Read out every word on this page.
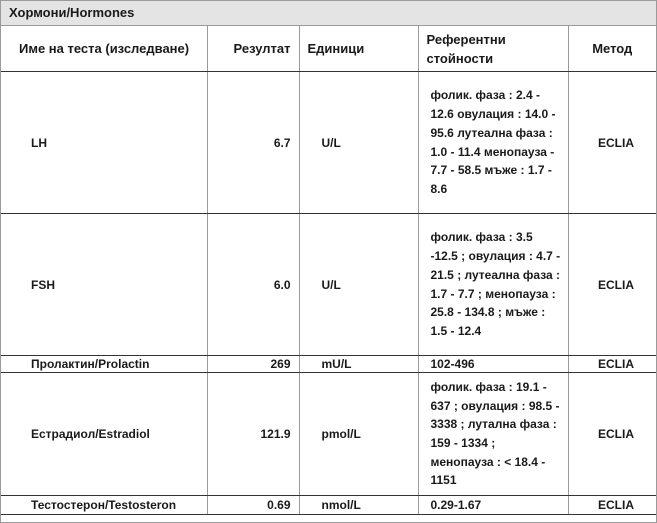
Хормони/Hormones
Име на теста (изследване)	Резултат	Единици	Референтни стойности	Метод
LH	6.7	U/L	фолик. фаза : 2.4 - 12.6 овулация : 14.0 - 95.6 лутеална фаза : 1.0 - 11.4 менопауза - 7.7 - 58.5 мъже : 1.7 - 8.6	ECLIA
FSH	6.0	U/L	фолик. фаза : 3.5 -12.5 ; овулация : 4.7 - 21.5 ; лутеална фаза : 1.7 - 7.7 ; менопауза : 25.8 - 134.8 ; мъже : 1.5 - 12.4	ECLIA
Пролактин/Prolactin	269	mU/L	102-496	ECLIA
Естрадиол/Estradiol	121.9	pmol/L	фолик. фаза : 19.1 - 637 ; овулация : 98.5 - 3338 ; лутална фаза : 159 - 1334 ; менопауза : < 18.4 - 1151	ECLIA
Тестостерон/Testosteron	0.69	nmol/L	0.29-1.67	ECLIA
